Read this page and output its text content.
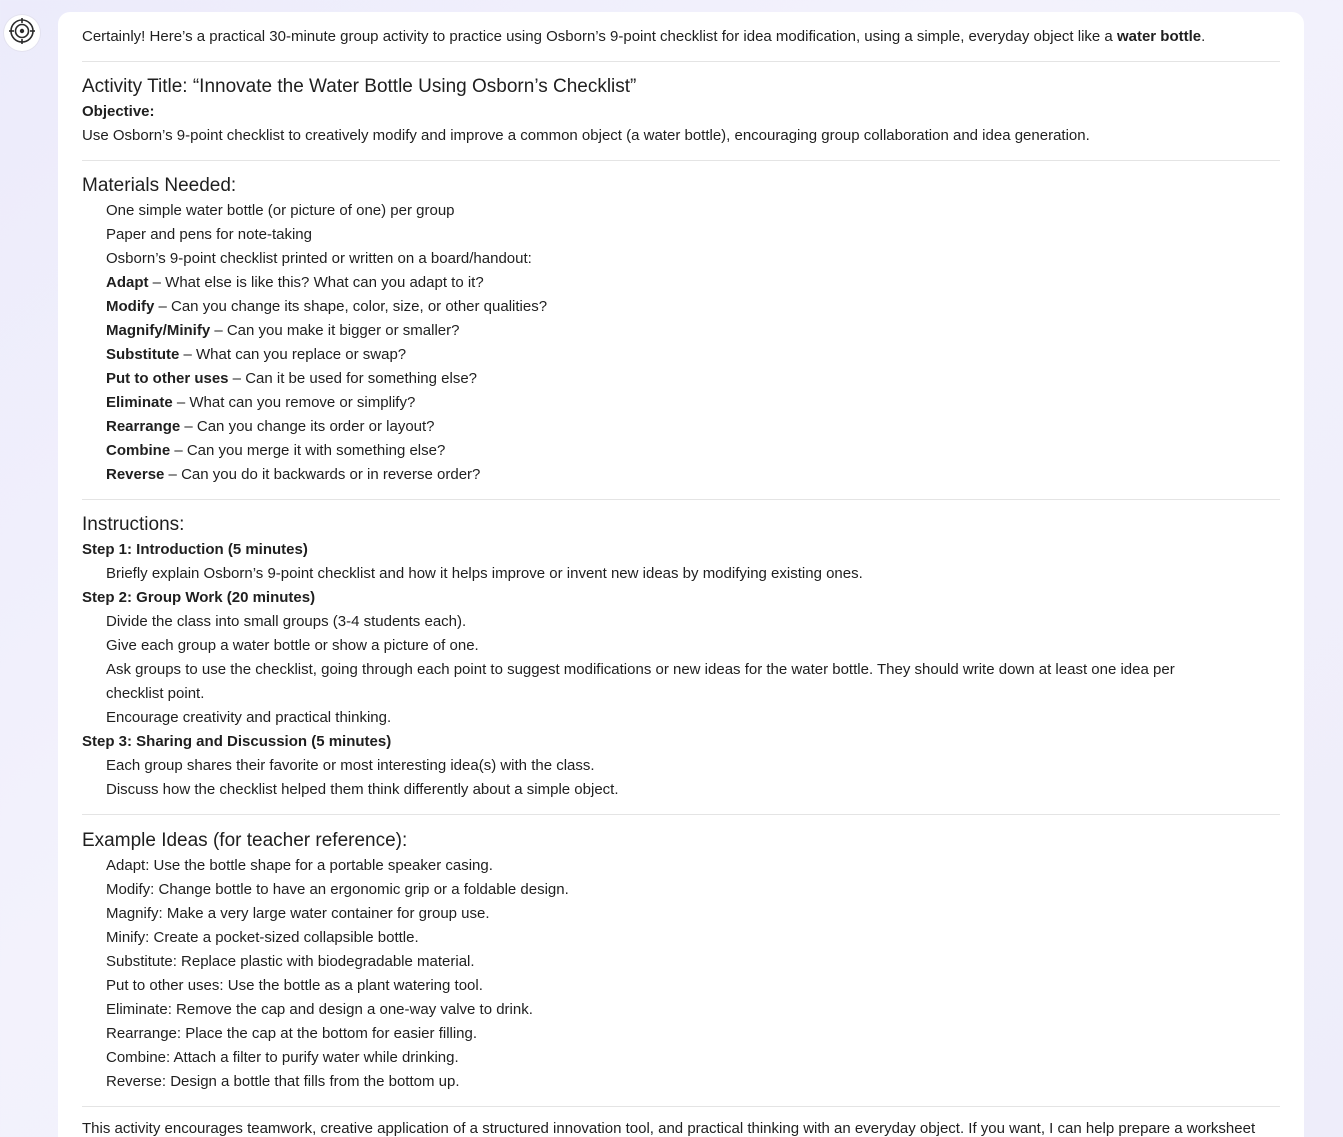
Certainly! Here’s a practical 30-minute group activity to practice using Osborn’s 9-point checklist for idea modification, using a simple, everyday object like a water bottle.

Activity Title: “Innovate the Water Bottle Using Osborn’s Checklist”
Objective:

Use Osborn’s 9-point checklist to creatively modify and improve a common object (a water bottle), encouraging group collaboration and idea generation.

Materials Needed:
One simple water bottle (or picture of one) per group
Paper and pens for note-taking
Osborn’s 9-point checklist printed or written on a board/handout:
Adapt – What else is like this? What can you adapt to it?
Modify – Can you change its shape, color, size, or other qualities?
Magnify/Minify – Can you make it bigger or smaller?
Substitute – What can you replace or swap?
Put to other uses – Can it be used for something else?
Eliminate – What can you remove or simplify?
Rearrange – Can you change its order or layout?
Combine – Can you merge it with something else?
Reverse – Can you do it backwards or in reverse order?
Instructions:
Step 1: Introduction (5 minutes)
Briefly explain Osborn’s 9-point checklist and how it helps improve or invent new ideas by modifying existing ones.
Step 2: Group Work (20 minutes)
Divide the class into small groups (3-4 students each).
Give each group a water bottle or show a picture of one.
Ask groups to use the checklist, going through each point to suggest modifications or new ideas for the water bottle. They should write down at least one idea per
checklist point.
Encourage creativity and practical thinking.
Step 3: Sharing and Discussion (5 minutes)
Each group shares their favorite or most interesting idea(s) with the class.
Discuss how the checklist helped them think differently about a simple object.
Example Ideas (for teacher reference):
Adapt: Use the bottle shape for a portable speaker casing.
Modify: Change bottle to have an ergonomic grip or a foldable design.
Magnify: Make a very large water container for group use.
Minify: Create a pocket-sized collapsible bottle.
Substitute: Replace plastic with biodegradable material.
Put to other uses: Use the bottle as a plant watering tool.
Eliminate: Remove the cap and design a one-way valve to drink.
Rearrange: Place the cap at the bottom for easier filling.
Combine: Attach a filter to purify water while drinking.
Reverse: Design a bottle that fills from the bottom up.

This activity encourages teamwork, creative application of a structured innovation tool, and practical thinking with an everyday object. If you want, I can help prepare a worksheet
